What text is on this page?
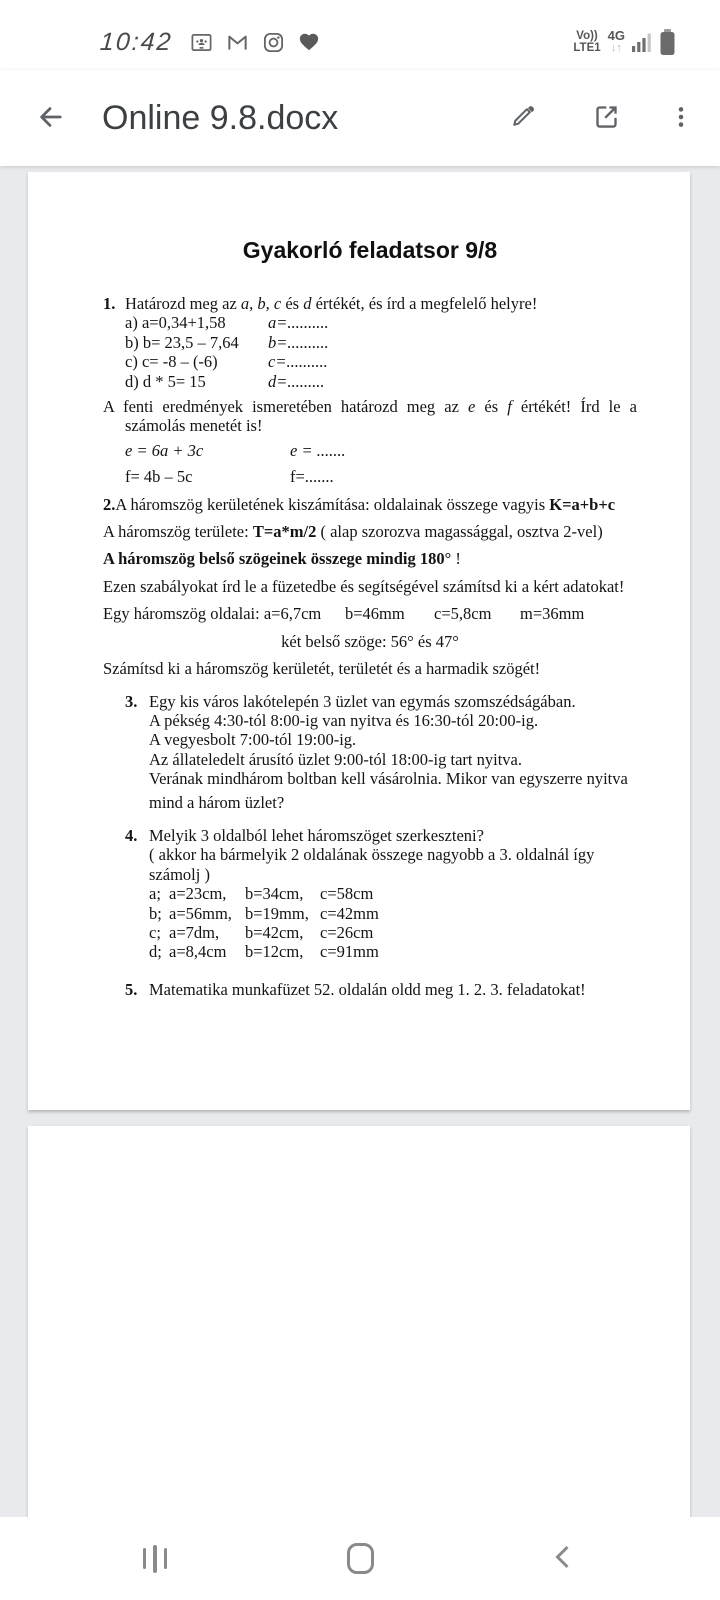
10:42	Vo))
LTE1
4G
↓↑
Online 9.8.docx
Gyakorló feladatsor 9/8
1. Határozd meg az a, b, c és d értékét, és írd a megfelelő helyre!
a) a=0,34+1,58	a=..........
b) b= 23,5 – 7,64	b=..........
c) c= -8 – (-6)	c=..........
d) d * 5= 15	d=.........
A fenti eredmények ismeretében határozd meg az e és f értékét! Írd le a
számolás menetét is!
e = 6a + 3c	e = .......
f= 4b – 5c	f=.......
2.A háromszög kerületének kiszámítása: oldalainak összege vagyis K=a+b+c
A háromszög területe: T=a*m/2 ( alap szorozva magassággal, osztva 2-vel)
A háromszög belső szögeinek összege mindig 180° !
Ezen szabályokat írd le a füzetedbe és segítségével számítsd ki a kért adatokat!
Egy háromszög oldalai: a=6,7cm	b=46mm	c=5,8cm	m=36mm
két belső szöge: 56° és 47°
Számítsd ki a háromszög kerületét, területét és a harmadik szögét!
3. Egy kis város lakótelepén 3 üzlet van egymás szomszédságában.
A pékség 4:30-tól 8:00-ig van nyitva és 16:30-tól 20:00-ig.
A vegyesbolt 7:00-tól 19:00-ig.
Az állateledelt árusító üzlet 9:00-tól 18:00-ig tart nyitva.
Verának mindhárom boltban kell vásárolnia. Mikor van egyszerre nyitva
mind a három üzlet?
4. Melyik 3 oldalból lehet háromszöget szerkeszteni?
( akkor ha bármelyik 2 oldalának összege nagyobb a 3. oldalnál így
számolj )
a; a=23cm,	b=34cm,	c=58cm
b; a=56mm, b=19mm, c=42mm
c; a=7dm,	b=42cm,	c=26cm
d; a=8,4cm	b=12cm,	c=91mm
5. Matematika munkafüzet 52. oldalán oldd meg 1. 2. 3. feladatokat!
